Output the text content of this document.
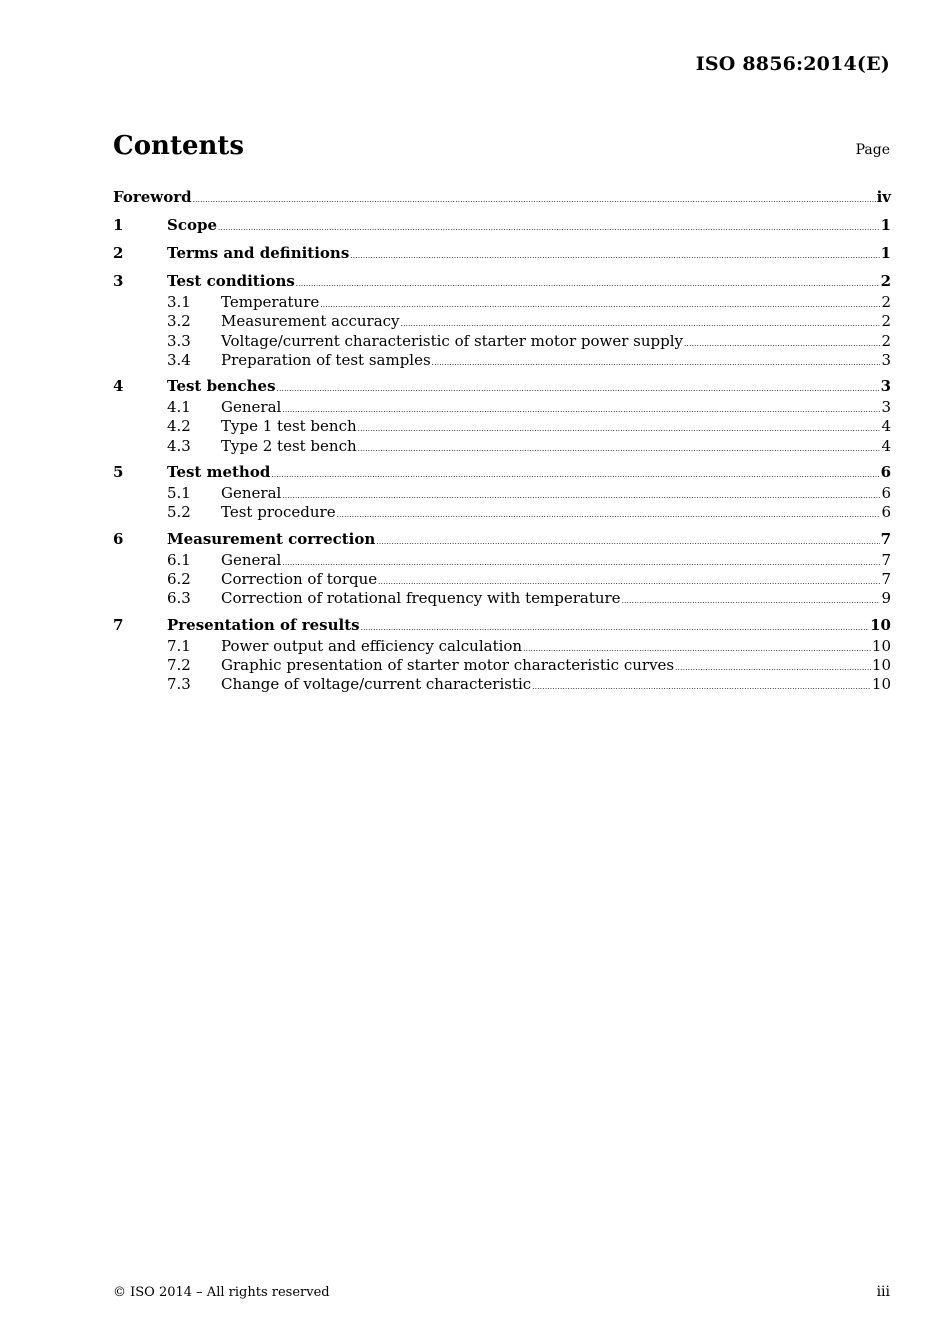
ISO 8856:2014(E)
Contents	Page
Foreword .....	iv
1	Scope .....	1
2	Terms and definitions .....	1
3	Test conditions .....	2
3.1	Temperature .....	2
3.2	Measurement accuracy .....	2
3.3	Voltage/current characteristic of starter motor power supply .....	2
3.4	Preparation of test samples .....	3
4	Test benches .....	3
4.1	General .....	3
4.2	Type 1 test bench .....	4
4.3	Type 2 test bench .....	4
5	Test method .....	6
5.1	General .....	6
5.2	Test procedure .....	6
6	Measurement correction .....	7
6.1	General .....	7
6.2	Correction of torque .....	7
6.3	Correction of rotational frequency with temperature .....	9
7	Presentation of results .....	10
7.1	Power output and efficiency calculation .....	10
7.2	Graphic presentation of starter motor characteristic curves .....	10
7.3	Change of voltage/current characteristic .....	10
© ISO 2014 – All rights reserved	iii
